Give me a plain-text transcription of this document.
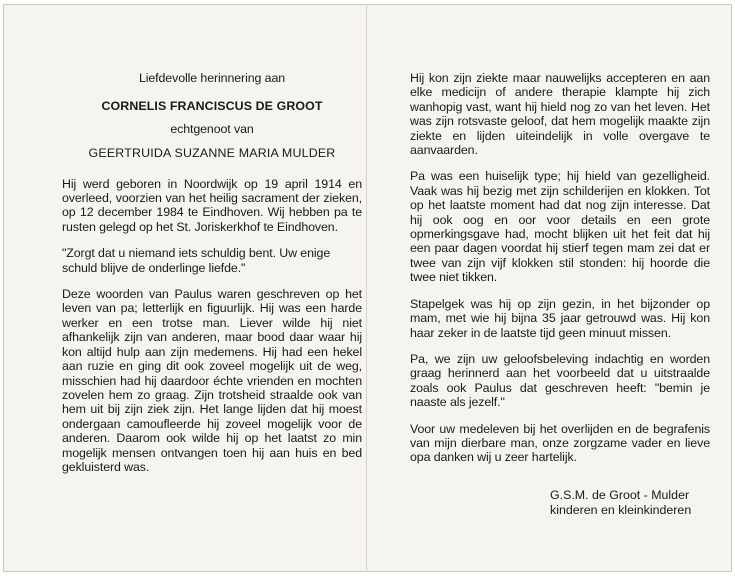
Liefdevolle herinnering aan
CORNELIS FRANCISCUS DE GROOT
echtgenoot van
GEERTRUIDA SUZANNE MARIA MULDER

Hij werd geboren in Noordwijk op 19 april 1914 en overleed, voorzien van het heilig sacrament der zieken, op 12 december 1984 te Eindhoven. Wij hebben pa te rusten gelegd op het St. Joriskerkhof te Eindhoven.

"Zorgt dat u niemand iets schuldig bent. Uw enige schuld blijve de onderlinge liefde."

Deze woorden van Paulus waren geschreven op het leven van pa; letterlijk en figuurlijk. Hij was een harde werker en een trotse man. Liever wilde hij niet afhankelijk zijn van anderen, maar bood daar waar hij kon altijd hulp aan zijn medemens. Hij had een hekel aan ruzie en ging dit ook zoveel mogelijk uit de weg, misschien had hij daardoor échte vrienden en mochten zovelen hem zo graag. Zijn trotsheid straalde ook van hem uit bij zijn ziek zijn. Het lange lijden dat hij moest ondergaan camoufleerde hij zoveel mogelijk voor de anderen. Daarom ook wilde hij op het laatst zo min mogelijk mensen ontvangen toen hij aan huis en bed gekluisterd was.

Hij kon zijn ziekte maar nauwelijks accepteren en aan elke medicijn of andere therapie klampte hij zich wanhopig vast, want hij hield nog zo van het leven. Het was zijn rotsvaste geloof, dat hem mogelijk maakte zijn ziekte en lijden uiteindelijk in volle overgave te aanvaarden.

Pa was een huiselijk type; hij hield van gezelligheid. Vaak was hij bezig met zijn schilderijen en klokken. Tot op het laatste moment had dat nog zijn interesse. Dat hij ook oog en oor voor details en een grote opmerkingsgave had, mocht blijken uit het feit dat hij een paar dagen voordat hij stierf tegen mam zei dat er twee van zijn vijf klokken stil stonden: hij hoorde die twee niet tikken.

Stapelgek was hij op zijn gezin, in het bijzonder op mam, met wie hij bijna 35 jaar getrouwd was. Hij kon haar zeker in de laatste tijd geen minuut missen.

Pa, we zijn uw geloofsbeleving indachtig en worden graag herinnerd aan het voorbeeld dat u uitstraalde zoals ook Paulus dat geschreven heeft: "bemin je naaste als jezelf."

Voor uw medeleven bij het overlijden en de begrafenis van mijn dierbare man, onze zorgzame vader en lieve opa danken wij u zeer hartelijk.

G.S.M. de Groot - Mulder
kinderen en kleinkinderen
